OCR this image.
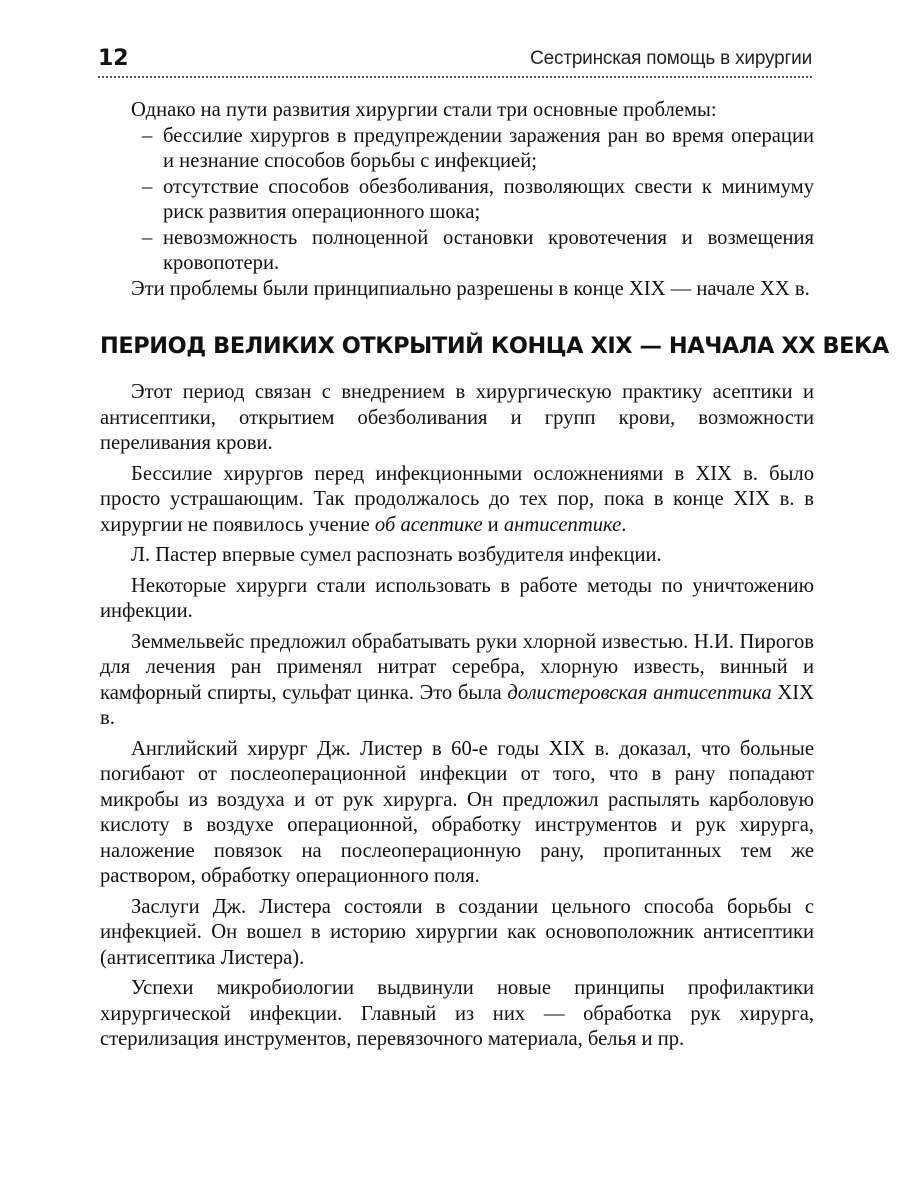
12	Сестринская помощь в хирургии

Однако на пути развития хирургии стали три основные проблемы:

– бессилие хирургов в предупреждении заражения ран во время операции и незнание способов борьбы с инфекцией;
– отсутствие способов обезболивания, позволяющих свести к минимуму риск развития операционного шока;
– невозможность полноценной остановки кровотечения и возмещения кровопотери.

Эти проблемы были принципиально разрешены в конце XIX — начале XX в.

ПЕРИОД ВЕЛИКИХ ОТКРЫТИЙ КОНЦА XIX — НАЧАЛА XX ВЕКА

Этот период связан с внедрением в хирургическую практику асептики и антисептики, открытием обезболивания и групп крови, возможности переливания крови.

Бессилие хирургов перед инфекционными осложнениями в XIX в. было просто устрашающим. Так продолжалось до тех пор, пока в конце XIX в. в хирургии не появилось учение об асептике и антисептике.

Л. Пастер впервые сумел распознать возбудителя инфекции.

Некоторые хирурги стали использовать в работе методы по уничтожению инфекции.

Земмельвейс предложил обрабатывать руки хлорной известью. Н.И. Пирогов для лечения ран применял нитрат серебра, хлорную известь, винный и камфорный спирты, сульфат цинка. Это была долистеровская антисептика XIX в.

Английский хирург Дж. Листер в 60-е годы XIX в. доказал, что больные погибают от послеоперационной инфекции от того, что в рану попадают микробы из воздуха и от рук хирурга. Он предложил распылять карболовую кислоту в воздухе операционной, обработку инструментов и рук хирурга, наложение повязок на послеоперационную рану, пропитанных тем же раствором, обработку операционного поля.

Заслуги Дж. Листера состояли в создании цельного способа борьбы с инфекцией. Он вошел в историю хирургии как основоположник антисептики (антисептика Листера).

Успехи микробиологии выдвинули новые принципы профилактики хирургической инфекции. Главный из них — обработка рук хирурга, стерилизация инструментов, перевязочного материала, белья и пр.
